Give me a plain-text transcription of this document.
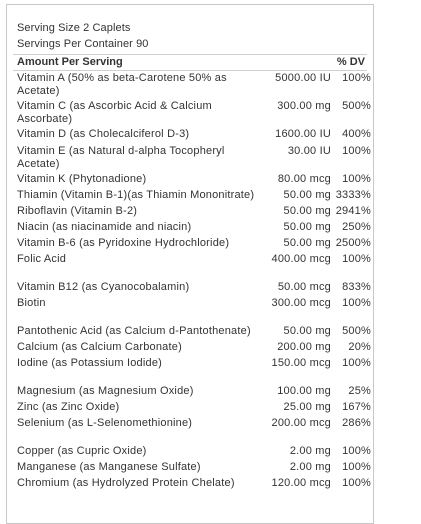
Serving Size 2 Caplets
Servings Per Container 90
Amount Per Serving	% DV
Vitamin A (50% as beta-Carotene 50% as Acetate)
5000.00 IU	100%
Vitamin C (as Ascorbic Acid & Calcium Ascorbate)
300.00 mg	500%
Vitamin D (as Cholecalciferol D-3)	1600.00 IU	400%
Vitamin E (as Natural d-alpha Tocopheryl Acetate)
30.00 IU	100%
Vitamin K (Phytonadione)	80.00 mcg	100%
Thiamin (Vitamin B-1)(as Thiamin Mononitrate)	50.00 mg 3333%
Riboflavin (Vitamin B-2)	50.00 mg 2941%
Niacin (as niacinamide and niacin)	50.00 mg	250%
Vitamin B-6 (as Pyridoxine Hydrochloride)	50.00 mg 2500%
Folic Acid	400.00 mcg	100%
Vitamin B12 (as Cyanocobalamin)	50.00 mcg	833%
Biotin	300.00 mcg	100%
Pantothenic Acid (as Calcium d-Pantothenate)	50.00 mg	500%
Calcium (as Calcium Carbonate)	200.00 mg	20%
Iodine (as Potassium Iodide)	150.00 mcg	100%
Magnesium (as Magnesium Oxide)	100.00 mg	25%
Zinc (as Zinc Oxide)	25.00 mg	167%
Selenium (as L-Selenomethionine)	200.00 mcg	286%
Copper (as Cupric Oxide)	2.00 mg	100%
Manganese (as Manganese Sulfate)	2.00 mg	100%
Chromium (as Hydrolyzed Protein Chelate)	120.00 mcg	100%
